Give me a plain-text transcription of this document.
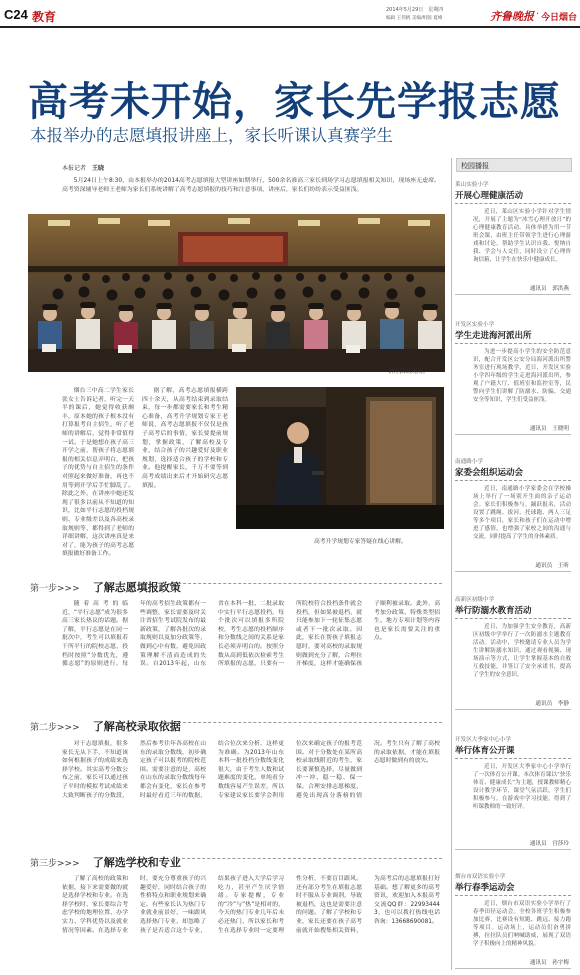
C24 教育	2014年5月29日　星期四
编辑 王伟帆 美编/组版 夏峰	齐鲁晚报 · 今日烟台
高考未开始，家长先学报志愿
本报举办的志愿填报讲座上，家长听课认真赛学生
本报记者 王晓

5月24日上午8:30，由本报举办的2014高考志愿填报大型讲座如期举行，500余名准高三家长到场学习志愿填报相关知识，现场座无虚席。高考资深辅导老师王老师为家长们系统讲解了高考志愿填报的技巧和注意事项，讲座后，家长们纷纷表示受益匪浅。

讲座活动现场。

烟台三中高二学生家长张女士告诉记者，听完一天半的课后，她觉得收获颇丰，原本她的孩子根本没有打算报考自主招生，听了老师的讲解后，觉得非常值得一试。于是她想在孩子高三开学之前，帮孩子将志愿填报的相关信息弄明白，把孩子的优势与自主招生的条件对照起来做好准备，再也不用等到开学后手忙脚乱了。除此之外，在讲座中她还发现了很多以前从不知道的知识，比如平行志愿的投档规则、专业级差以及各高校录取规则等，都得到了老师的详细讲解，这次讲座真是来对了，能为孩子的高考志愿填报做好准备工作。

据了解，高考志愿填报横跨四十余天，从高考结束到录取结束，每一步都需要家长和考生精心准备，高考升学规划专家王老师说，高考志愿填报不仅仅是孩子高考后的事情，家长要提前规划，掌握政策，了解高校及专业，结合孩子的兴趣爱好及职业规划，选择适合孩子的学校和专业。他提醒家长，千万不要等到高考成绩出来后才开始研究志愿填报。

高考升学规划专家答疑在线心讲解。
第一步>>> 了解志愿填报政策

随着高考的临近，“平行志愿”成为很多高三家长热议的话题。据了解，平行志愿是在同一批次中，考生可以填报若干所平行的院校志愿，投档时按照“分数优先，遵循志愿”的原则进行。每年的高考招生政策都有一些调整，家长需要及时关注省招生考试院发布的最新政策，了解各批次的录取规则以及加分政策等，做到心中有数，避免因政策理解不清而造成的失误。自2013年起，山东省在本科一批、二批录取中实行平行志愿投档，每个批次可以填报多所院校，考生志愿的投档顺序和分数线之间的关系是家长必须弄明白的。按照分数从高到低依次检索考生所填报的志愿，只要有一所院校符合投档条件就会投档，但如果被退档，就只能参加下一轮征集志愿或者下一批次录取。因此，家长在帮孩子填报志愿时，要对高校的录取规则做到充分了解，合理拉开梯度，这样才能确保孩子顺利被录取。此外，高考加分政策、特殊类型招生、地方专项计划等内容也是家长需要关注的重点。

第二步>>> 了解高校录取依据

对于志愿填报，很多家长无从下手，不知道该如何根据孩子的成绩来选择学校。其实高考分数公布之前，家长可以通过孩子平时的模拟考试成绩来大致判断孩子的分数段，然后参考往年各高校在山东的录取分数线，初步确定孩子可以报考的院校范围。需要注意的是，高校在山东的录取分数线每年都会有变化，家长在参考时最好看近三年的数据，结合位次来分析，这样更为准确。为2013年山东本科一批投档分数线变化很大，由于考生人数和试题难度的变化，单纯看分数线容易产生误差，所以专家建议家长要学会利用位次来确定孩子的报考范围。对于分数处在某所高校录取线附近的考生，家长要谨慎选择，尽量做到冲一冲、稳一稳、保一保，合理安排志愿梯度，避免出现高分落榜的情况。考生只有了解了高校的录取依据，才能在填报志愿时做到有的放矢。

第三步>>> 了解选学校和专业

了解了高校的政策和依据，接下来需要做的就是选择学校和专业。在选择学校时，家长要综合考虑学校的地理位置、办学实力、学科优势以及就业情况等因素。在选择专业时，要充分尊重孩子的兴趣爱好，同时结合孩子的性格特点和职业规划来确定。有些家长认为热门专业就业前景好，一味跟风选择热门专业，却忽略了孩子是否适合这个专业，结果孩子进入大学后学习吃力，甚至产生厌学情绪。专家提醒，专业的“冷”与“热”是相对的，今天的热门专业几年后未必还热门，所以家长和考生在选择专业时一定要理性分析，不要盲目跟风。还有部分考生在填报志愿时不服从专业调剂，导致被退档，这也是需要注意的问题。了解了学校和专业，家长还要在孩子高考前就开始搜集相关资料，为高考后的志愿填报打好基础。想了解更多的高考资讯，欢迎加入本报高考交流QQ群：229934443，也可以拨打热线电话咨询：13668690081。

校园播报
莱山实验小学
开展心理健康活动
近日，莱山区实验小学针对学生情况，开展了主题为“冰雪心理开放日”的心理健康教育活动。具体举措为用一节班会课，由班主任带领学生进行心理游戏和讨论，帮助学生认识自我、悦纳自我、学会与人交往，同时设立了心理咨询信箱，让学生在快乐中健康成长。
通讯员　郭洪燕
开发区实验小学
学生走进海河派出所
为进一步提高小学生的安全防范意识，配合开发区公安分局海河派出所警务室进行现场教学，近日，开发区实验小学四年级的学生走进海河派出所，参观了户籍大厅、值班室和监控室等，民警向学生们讲解了防溺水、防骗、交通安全等知识，学生们受益匪浅。
通讯员　王晓明
南通路小学
家委会组织运动会
近日，南通路小学家委会在学校操场上举行了一场别开生面的亲子运动会。家长们积极参与，踊跃报名，活动设置了跳绳、拔河、托球跑、两人三足等多个项目，家长和孩子们在运动中增进了感情，也增强了家校之间的沟通与交流，同时提高了学生的身体素质。
通讯员　王昕
高新区初级中学
举行防溺水教育活动
近日，为加强学生安全教育，高新区初级中学举行了一次防溺水主题教育活动。活动中，学校邀请专业人员为学生讲解防溺水知识，通过观看视频、现场演示等方式，让学生掌握基本的自救互救技能，并签订了安全承诺书，提高了学生的安全意识。
通讯员　李静
开发区大季家中心小学
举行体育公开课
近日，开发区大季家中心小学举行了一次体育公开课。本次体育课以“快乐体育、健康成长”为主题，授课教师精心设计教学环节，课堂气氛活跃，学生们积极参与，在游戏中学习技能，得到了听课教师的一致好评。
通讯员　宫莎玲
烟台市双语实验小学
举行春季运动会
近日，烟台市双语实验小学举行了春季田径运动会。全校各班学生积极参加比赛，比赛设有短跑、跳远、接力跑等项目。运动场上，运动员们奋勇拼搏，拉拉队员们呐喊助威，展现了双语学子积极向上的精神风貌。
通讯员　孙宇梅
